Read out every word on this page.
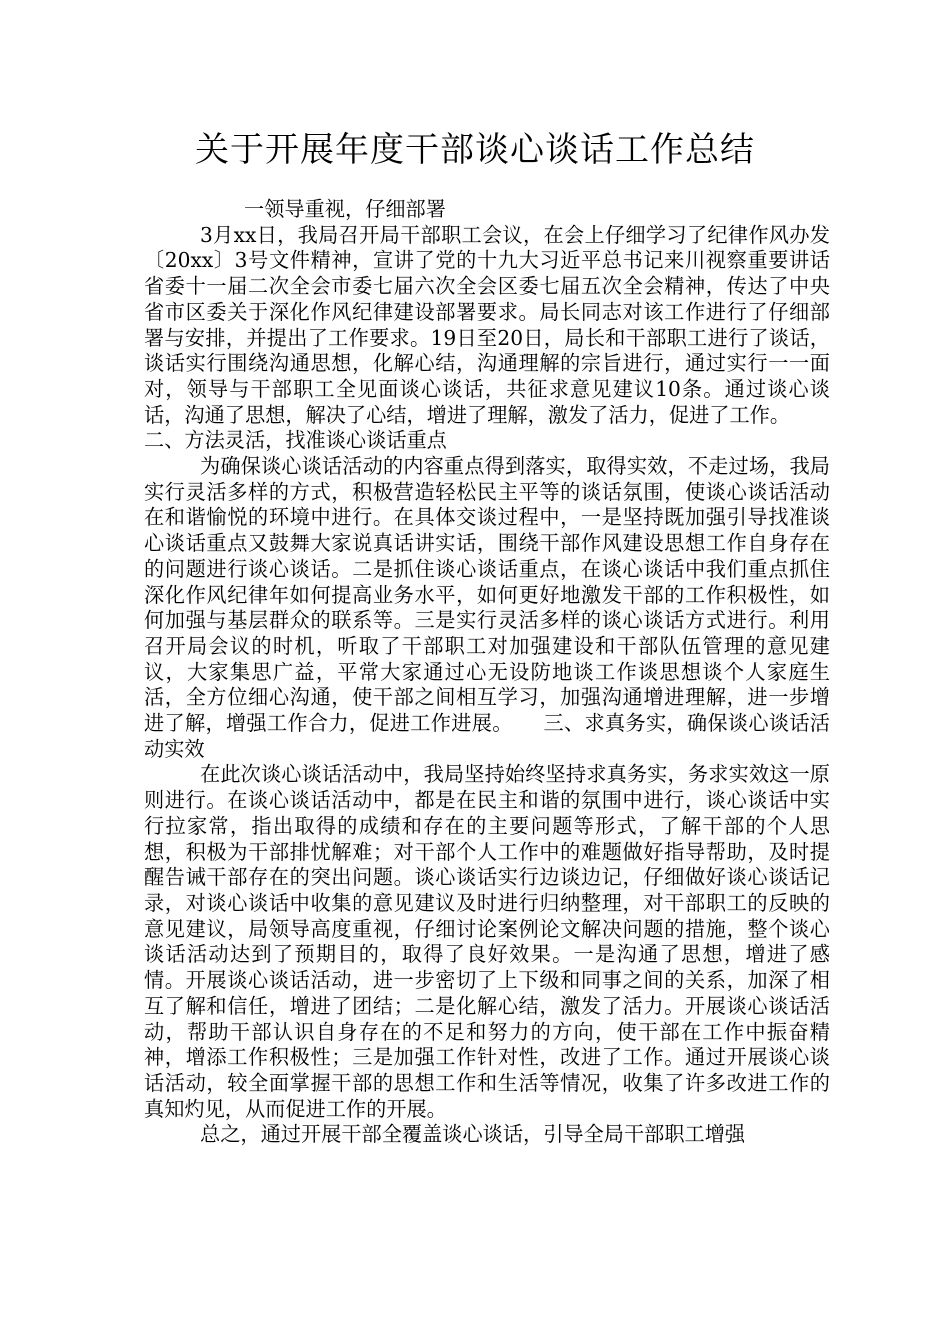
关于开展年度干部谈心谈话工作总结

一领导重视，仔细部署

3月xx日，我局召开局干部职工会议，在会上仔细学习了纪律作风办发〔20xx〕3号文件精神，宣讲了党的十九大习近平总书记来川视察重要讲话省委十一届二次全会市委七届六次全会区委七届五次全会精神，传达了中央省市区委关于深化作风纪律建设部署要求。局长同志对该工作进行了仔细部署与安排，并提出了工作要求。19日至20日，局长和干部职工进行了谈话，谈话实行围绕沟通思想，化解心结，沟通理解的宗旨进行，通过实行一一面对，领导与干部职工全见面谈心谈话，共征求意见建议10条。通过谈心谈话，沟通了思想，解决了心结，增进了理解，激发了活力，促进了工作。

二、方法灵活，找准谈心谈话重点

为确保谈心谈话活动的内容重点得到落实，取得实效，不走过场，我局实行灵活多样的方式，积极营造轻松民主平等的谈话氛围，使谈心谈话活动在和谐愉悦的环境中进行。在具体交谈过程中，一是坚持既加强引导找准谈心谈话重点又鼓舞大家说真话讲实话，围绕干部作风建设思想工作自身存在的问题进行谈心谈话。二是抓住谈心谈话重点，在谈心谈话中我们重点抓住深化作风纪律年如何提高业务水平，如何更好地激发干部的工作积极性，如何加强与基层群众的联系等。三是实行灵活多样的谈心谈话方式进行。利用召开局会议的时机，听取了干部职工对加强建设和干部队伍管理的意见建议，大家集思广益，平常大家通过心无设防地谈工作谈思想谈个人家庭生活，全方位细心沟通，使干部之间相互学习，加强沟通增进理解，进一步增进了解，增强工作合力，促进工作进展。　　三、求真务实，确保谈心谈话活动实效

在此次谈心谈话活动中，我局坚持始终坚持求真务实，务求实效这一原则进行。在谈心谈话活动中，都是在民主和谐的氛围中进行，谈心谈话中实行拉家常，指出取得的成绩和存在的主要问题等形式，了解干部的个人思想，积极为干部排忧解难；对干部个人工作中的难题做好指导帮助，及时提醒告诫干部存在的突出问题。谈心谈话实行边谈边记，仔细做好谈心谈话记录，对谈心谈话中收集的意见建议及时进行归纳整理，对干部职工的反映的意见建议，局领导高度重视，仔细讨论案例论文解决问题的措施，整个谈心谈话活动达到了预期目的，取得了良好效果。一是沟通了思想，增进了感情。开展谈心谈话活动，进一步密切了上下级和同事之间的关系，加深了相互了解和信任，增进了团结；二是化解心结，激发了活力。开展谈心谈话活动，帮助干部认识自身存在的不足和努力的方向，使干部在工作中振奋精神，增添工作积极性；三是加强工作针对性，改进了工作。通过开展谈心谈话活动，较全面掌握干部的思想工作和生活等情况，收集了许多改进工作的真知灼见，从而促进工作的开展。

总之，通过开展干部全覆盖谈心谈话，引导全局干部职工增强
